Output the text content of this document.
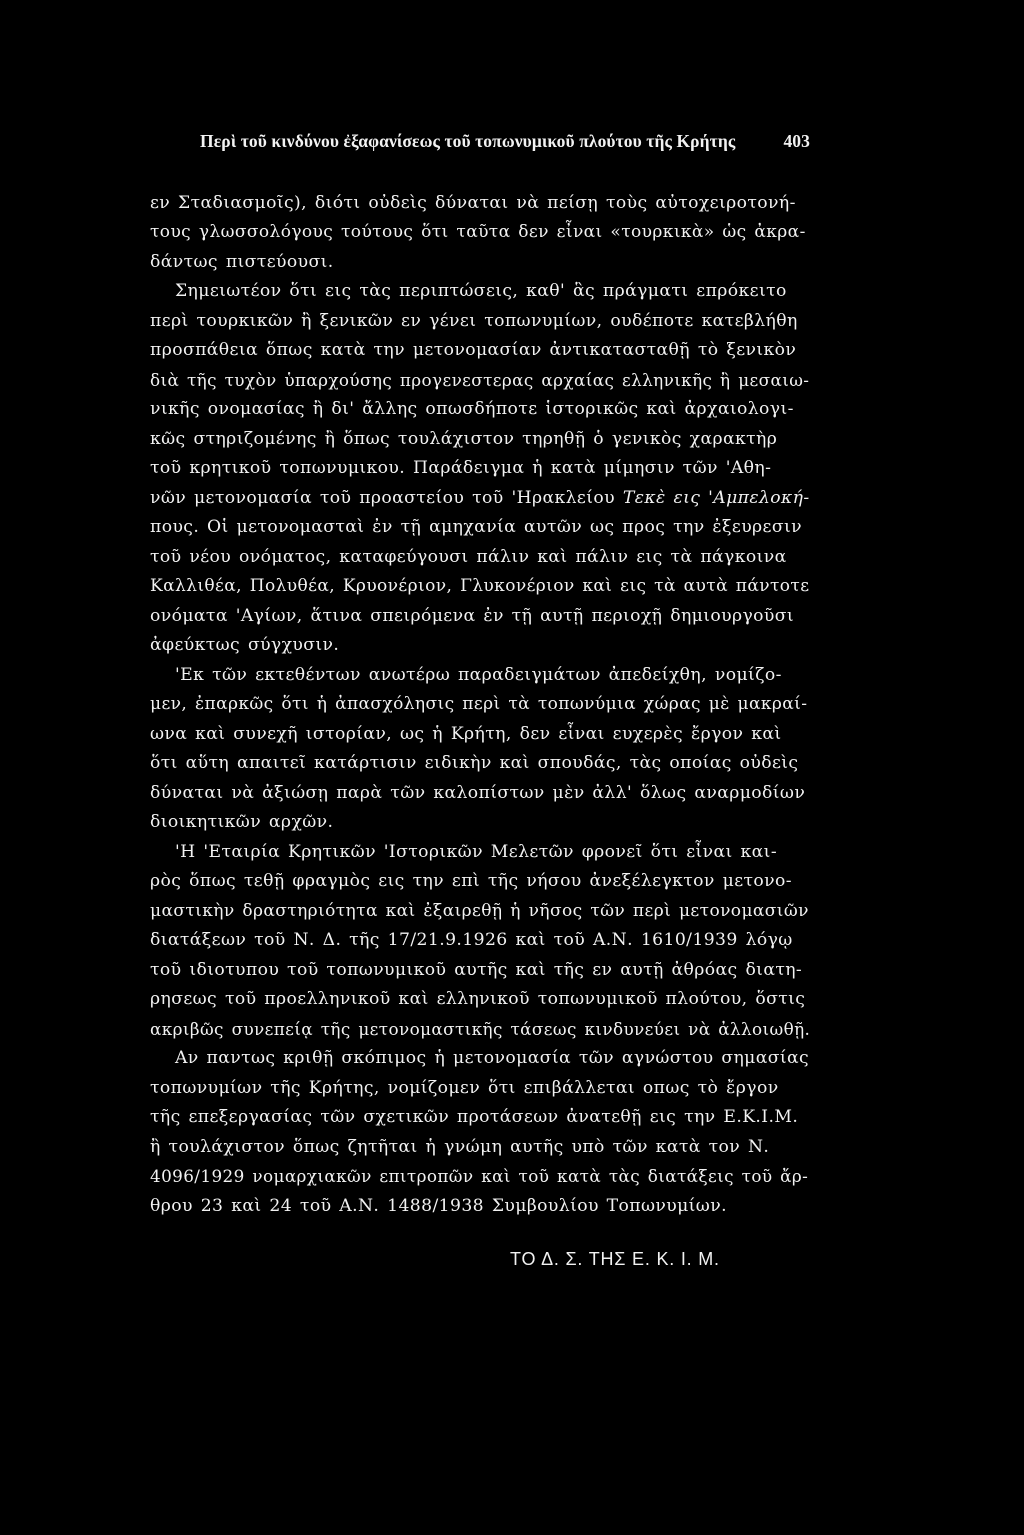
Περὶ τοῦ κινδύνου ἐξαφανίσεως τοῦ τοπωνυμικοῦ πλούτου τῆς Κρήτης	403
εν Σταδιασμοῖς), διότι οὐδεὶς δύναται νὰ πείσῃ τοὺς αὐτοχειροτονή-
τους γλωσσολόγους τούτους ὅτι ταῦτα δεν εἶναι «τουρκικὰ» ὡς ἀκρα-
δάντως πιστεύουσι.
Σημειωτέον ὅτι εις τὰς περιπτώσεις, καθ' ἃς πράγματι επρόκειτο
περὶ τουρκικῶν ἢ ξενικῶν εν γένει τοπωνυμίων, ουδέποτε κατεβλήθη
προσπάθεια ὅπως κατὰ την μετονομασίαν ἀντικατασταθῇ τὸ ξενικὸν
διὰ τῆς τυχὸν ὑπαρχούσης προγενεστερας αρχαίας ελληνικῆς ἢ μεσαιω-
νικῆς ονομασίας ἢ δι' ἄλλης οπωσδήποτε ἱστορικῶς καὶ ἀρχαιολογι-
κῶς στηριζομένης ἢ ὅπως τουλάχιστον τηρηθῇ ὁ γενικὸς χαρακτὴρ
τοῦ κρητικοῦ τοπωνυμικου. Παράδειγμα ἡ κατὰ μίμησιν τῶν 'Αθη-
νῶν μετονομασία τοῦ προαστείου τοῦ 'Ηρακλείου Τεκὲ εις 'Αμπελοκή-
πους. Οἱ μετονομασταὶ ἐν τῇ αμηχανία αυτῶν ως προς την ἐξευρεσιν
τοῦ νέου ονόματος, καταφεύγουσι πάλιν καὶ πάλιν εις τὰ πάγκοινα
Καλλιθέα, Πολυθέα, Κρυονέριον, Γλυκονέριον καὶ εις τὰ αυτὰ πάντοτε
ονόματα 'Αγίων, ἅτινα σπειρόμενα ἐν τῇ αυτῇ περιοχῇ δημιουργοῦσι
ἀφεύκτως σύγχυσιν.
'Εκ τῶν εκτεθέντων ανωτέρω παραδειγμάτων ἀπεδείχθη, νομίζο-
μεν, ἐπαρκῶς ὅτι ἡ ἀπασχόλησις περὶ τὰ τοπωνύμια χώρας μὲ μακραί-
ωνα καὶ συνεχῆ ιστορίαν, ως ἡ Κρήτη, δεν εἶναι ευχερὲς ἔργον καὶ
ὅτι αὕτη απαιτεῖ κατάρτισιν ειδικὴν καὶ σπουδάς, τὰς οποίας οὐδεὶς
δύναται νὰ ἀξιώσῃ παρὰ τῶν καλοπίστων μὲν ἀλλ' ὅλως αναρμοδίων
διοικητικῶν αρχῶν.
'Η 'Εταιρία Κρητικῶν 'Ιστορικῶν Μελετῶν φρονεῖ ὅτι εἶναι και-
ρὸς ὅπως τεθῇ φραγμὸς εις την επὶ τῆς νήσου ἀνεξέλεγκτον μετονο-
μαστικὴν δραστηριότητα καὶ ἐξαιρεθῇ ἡ νῆσος τῶν περὶ μετονομασιῶν
διατάξεων τοῦ Ν. Δ. τῆς 17/21.9.1926 καὶ τοῦ Α.Ν. 1610/1939 λόγῳ
τοῦ ιδιοτυπου τοῦ τοπωνυμικοῦ αυτῆς καὶ τῆς εν αυτῇ ἀθρόας διατη-
ρησεως τοῦ προελληνικοῦ καὶ ελληνικοῦ τοπωνυμικοῦ πλούτου, ὅστις
ακριβῶς συνεπείᾳ τῆς μετονομαστικῆς τάσεως κινδυνεύει νὰ ἀλλοιωθῇ.
Αν παντως κριθῇ σκόπιμος ἡ μετονομασία τῶν αγνώστου σημασίας
τοπωνυμίων τῆς Κρήτης, νομίζομεν ὅτι επιβάλλεται οπως τὸ ἔργον
τῆς επεξεργασίας τῶν σχετικῶν προτάσεων ἀνατεθῇ εις την Ε.Κ.Ι.Μ.
ἢ τουλάχιστον ὅπως ζητῆται ἡ γνώμη αυτῆς υπὸ τῶν κατὰ τον Ν.
4096/1929 νομαρχιακῶν επιτροπῶν καὶ τοῦ κατὰ τὰς διατάξεις τοῦ ἄρ-
θρου 23 καὶ 24 τοῦ Α.Ν. 1488/1938 Συμβουλίου Τοπωνυμίων.
ΤΟ Δ. Σ. ΤΗΣ Ε. Κ. Ι. Μ.
